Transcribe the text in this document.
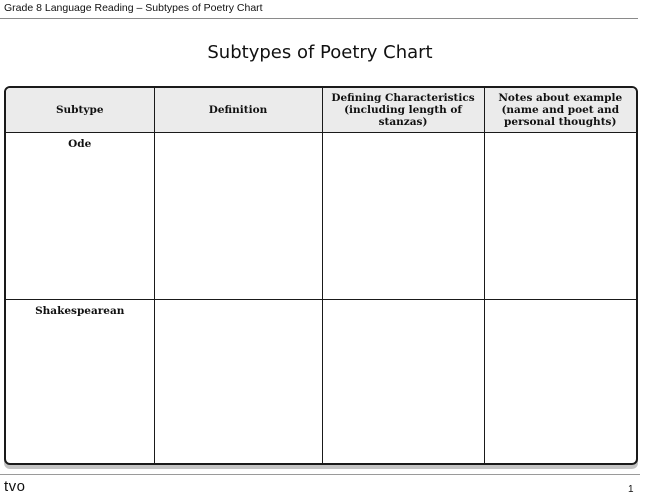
Grade 8 Language Reading – Subtypes of Poetry Chart
Subtypes of Poetry Chart
Subtype	Definition	Defining Characteristics (including length of stanzas)	Notes about example (name and poet and personal thoughts)
Ode			
Shakespearean			
tvo	1
